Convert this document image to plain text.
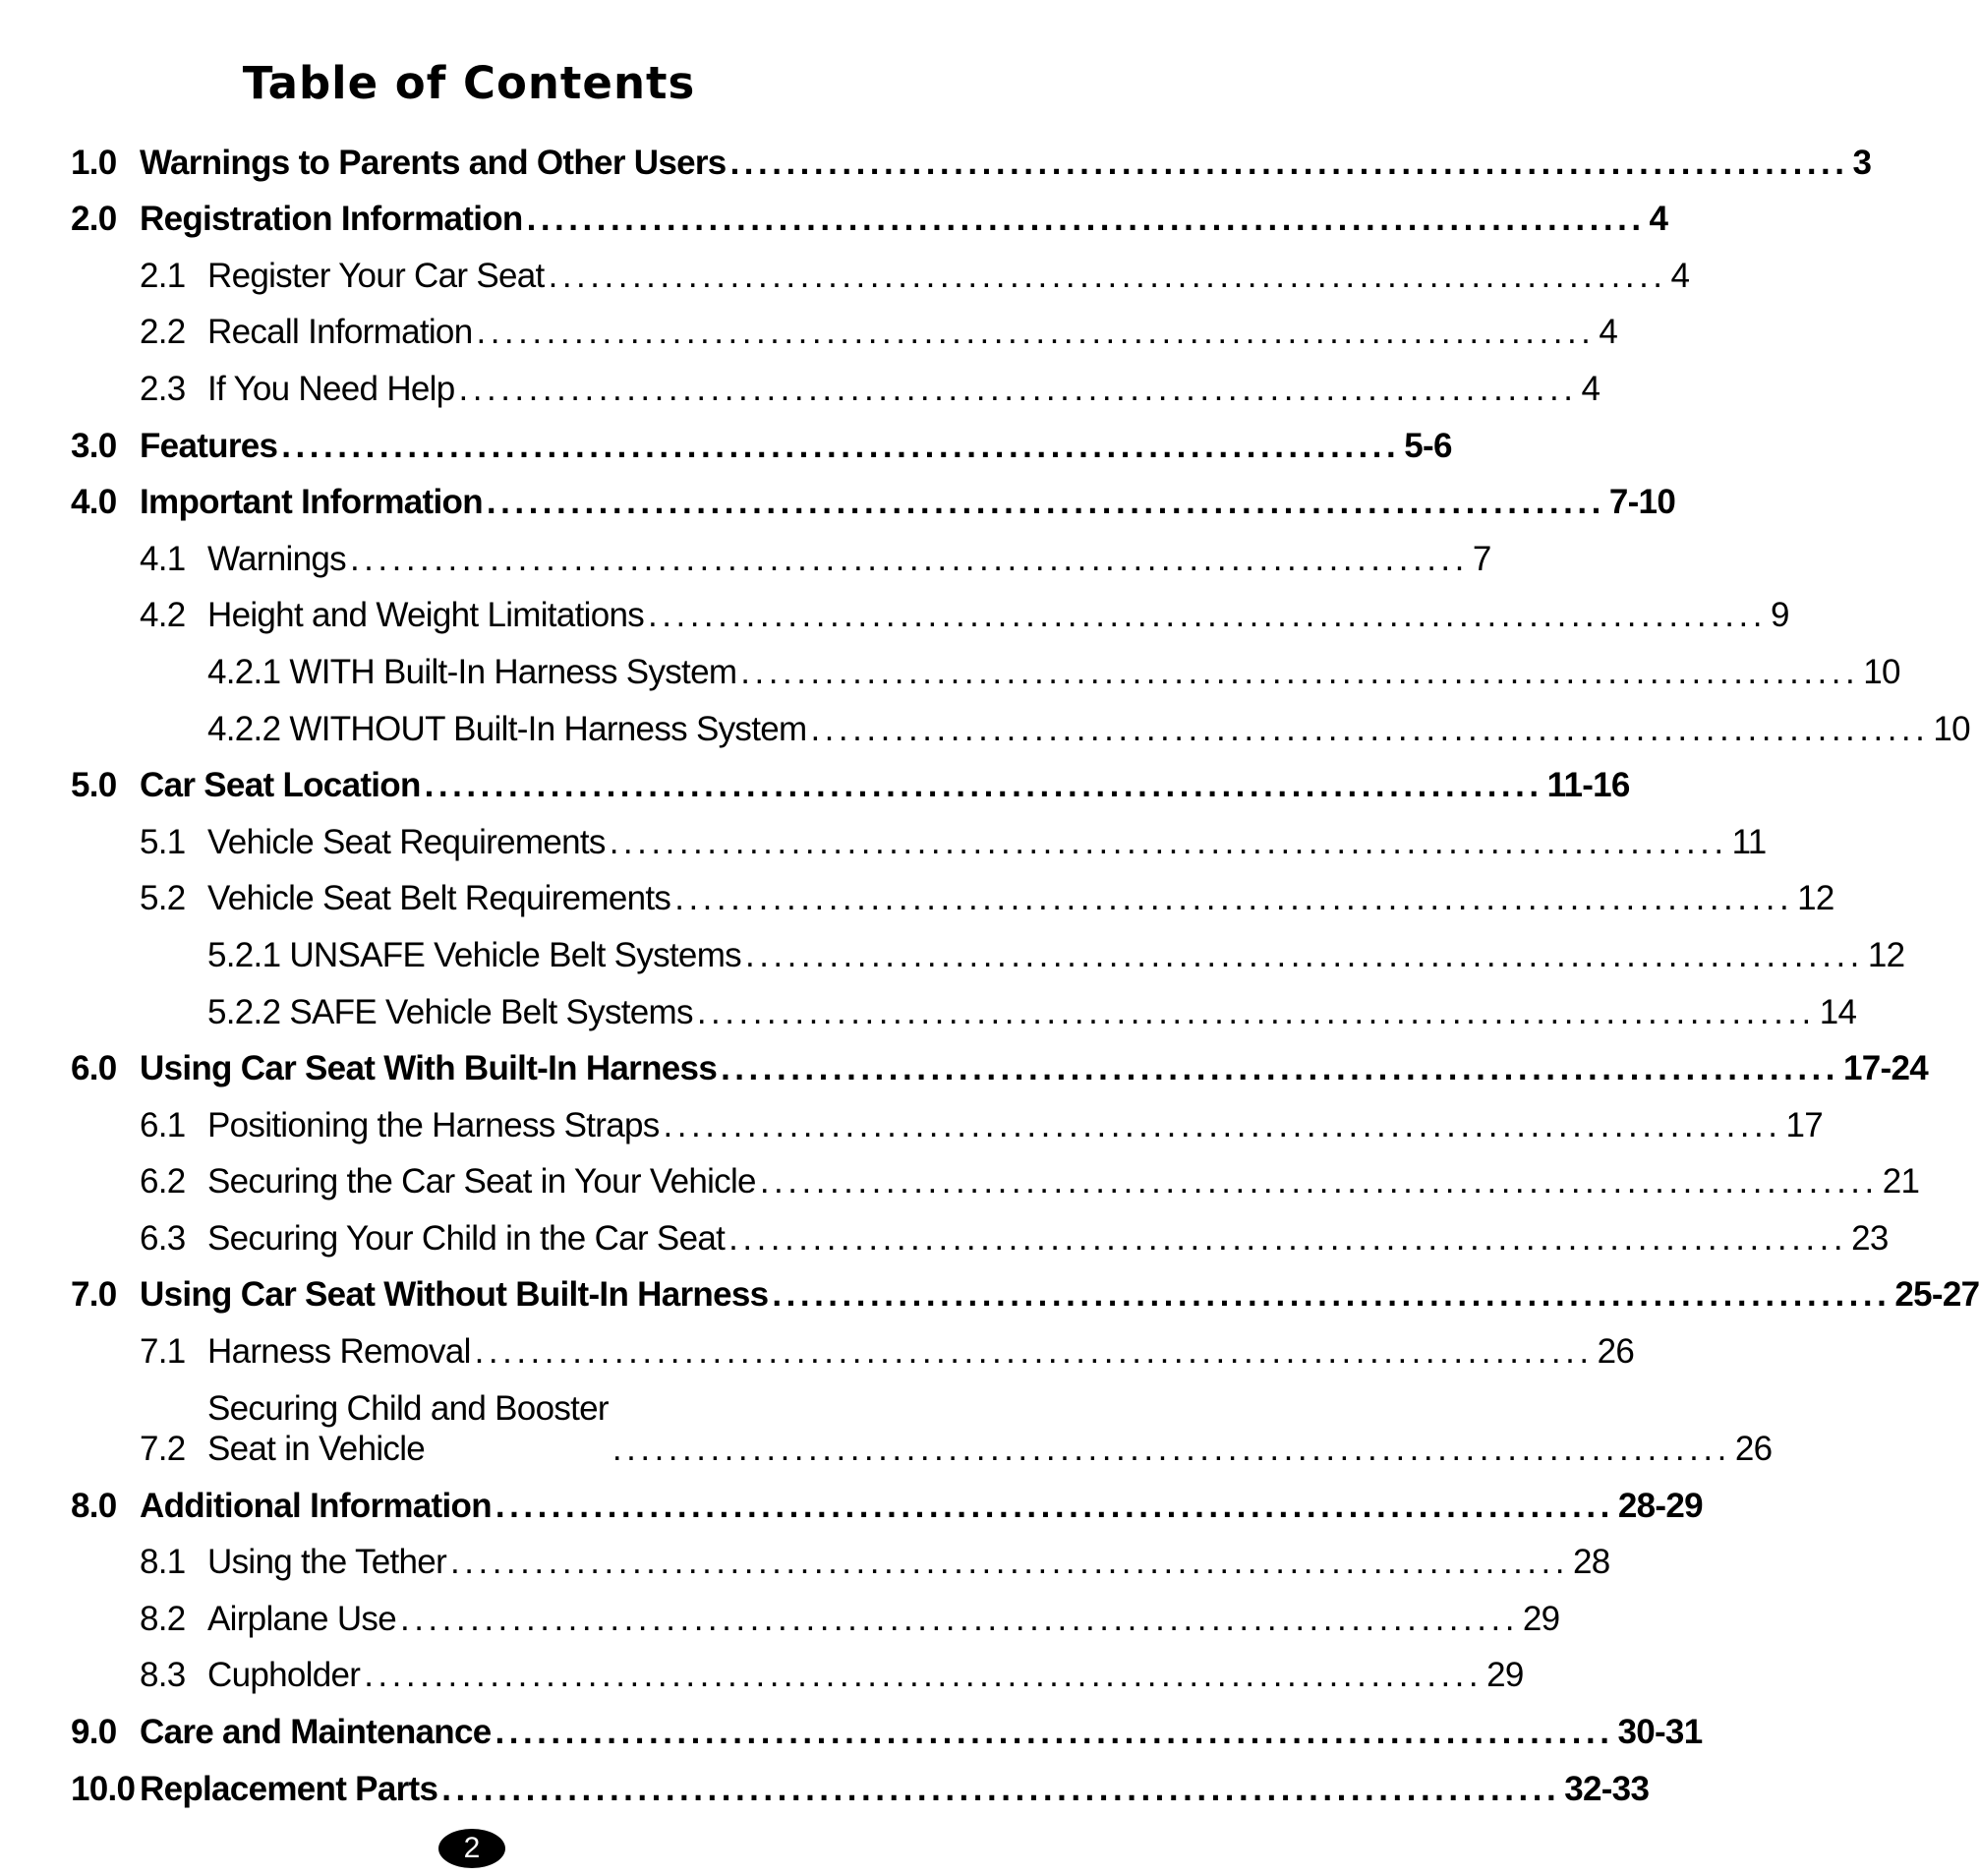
Table of Contents
1.0 Warnings to Parents and Other Users ................................................................................ 3
2.0 Registration Information ................................................................................ 4
2.1 Register Your Car Seat ................................................................................ 4
2.2 Recall Information ................................................................................ 4
2.3 If You Need Help ................................................................................ 4
3.0 Features ................................................................................ 5-6
4.0 Important Information ................................................................................ 7-10
4.1 Warnings ................................................................................ 7
4.2 Height and Weight Limitations ................................................................................ 9
4.2.1 WITH Built-In Harness System ................................................................................ 10
4.2.2 WITHOUT Built-In Harness System ................................................................................ 10
5.0 Car Seat Location ................................................................................ 11-16
5.1 Vehicle Seat Requirements ................................................................................ 11
5.2 Vehicle Seat Belt Requirements ................................................................................ 12
5.2.1 UNSAFE Vehicle Belt Systems ................................................................................ 12
5.2.2 SAFE Vehicle Belt Systems ................................................................................ 14
6.0 Using Car Seat With Built-In Harness ................................................................................ 17-24
6.1 Positioning the Harness Straps ................................................................................ 17
6.2 Securing the Car Seat in Your Vehicle ................................................................................ 21
6.3 Securing Your Child in the Car Seat ................................................................................ 23
7.0 Using Car Seat Without Built-In Harness ................................................................................ 25-27
7.1 Harness Removal ................................................................................ 26
7.2
Securing Child and Booster
Seat in Vehicle	................................................................................ 26
8.0 Additional Information ................................................................................ 28-29
8.1 Using the Tether ................................................................................ 28
8.2 Airplane Use ................................................................................ 29
8.3 Cupholder ................................................................................ 29
9.0 Care and Maintenance ................................................................................ 30-31
10.0 Replacement Parts ................................................................................ 32-33
2
